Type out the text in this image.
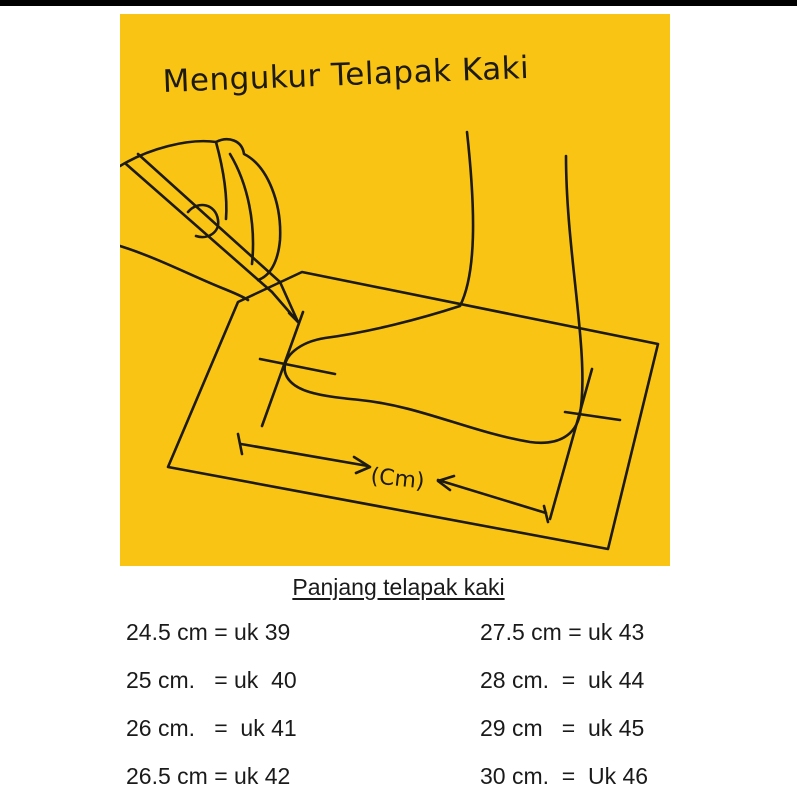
Mengukur Telapak Kaki
(Cm)
Panjang telapak kaki
24.5 cm = uk 39
25 cm.   = uk  40
26 cm.   =  uk 41
26.5 cm = uk 42
27.5 cm = uk 43
28 cm.  =  uk 44
29 cm   =  uk 45
30 cm.  =  Uk 46
